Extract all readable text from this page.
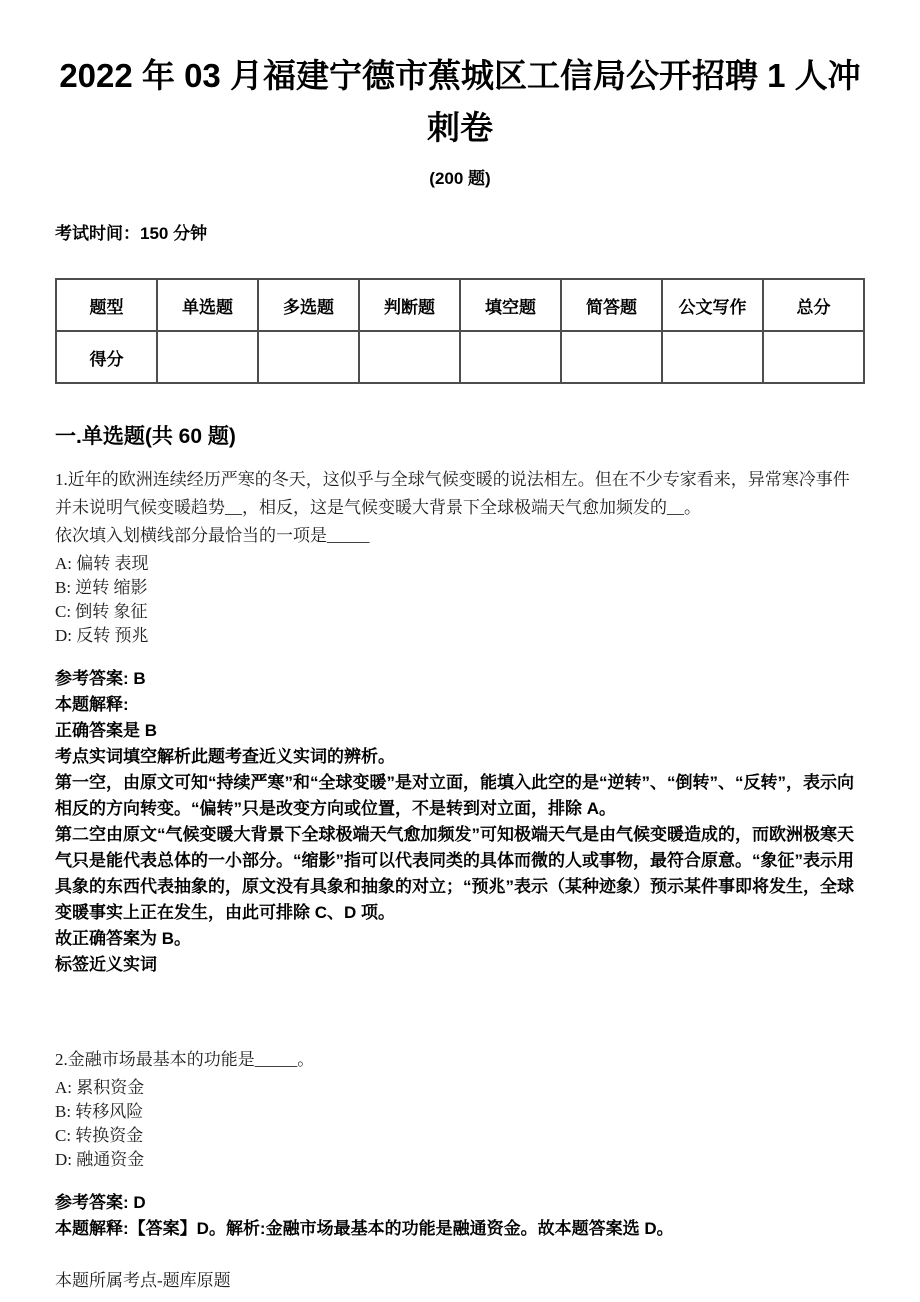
2022 年 03 月福建宁德市蕉城区工信局公开招聘 1 人冲刺卷
(200 题)
考试时间：150 分钟
题型	单选题	多选题	判断题	填空题	简答题	公文写作	总分
得分							
一.单选题(共 60 题)
1.近年的欧洲连续经历严寒的冬天，这似乎与全球气候变暖的说法相左。但在不少专家看来，异常寒冷事件并未说明气候变暖趋势__，相反，这是气候变暖大背景下全球极端天气愈加频发的__。
依次填入划横线部分最恰当的一项是_____
A: 偏转 表现
B: 逆转 缩影
C: 倒转 象征
D: 反转 预兆

参考答案: B

本题解释:

正确答案是 B

考点实词填空解析此题考查近义实词的辨析。

第一空，由原文可知“持续严寒”和“全球变暖”是对立面，能填入此空的是“逆转”、“倒转”、“反转”，表示向相反的方向转变。“偏转”只是改变方向或位置，不是转到对立面，排除 A。

第二空由原文“气候变暖大背景下全球极端天气愈加频发”可知极端天气是由气候变暖造成的，而欧洲极寒天气只是能代表总体的一小部分。“缩影”指可以代表同类的具体而微的人或事物，最符合原意。“象征”表示用具象的东西代表抽象的，原文没有具象和抽象的对立；“预兆”表示（某种迹象）预示某件事即将发生，全球变暖事实上正在发生，由此可排除 C、D 项。

故正确答案为 B。

标签近义实词

2.金融市场最基本的功能是_____。
A: 累积资金
B: 转移风险
C: 转换资金
D: 融通资金

参考答案: D

本题解释:【答案】D。解析:金融市场最基本的功能是融通资金。故本题答案选 D。

本题所属考点-题库原题
